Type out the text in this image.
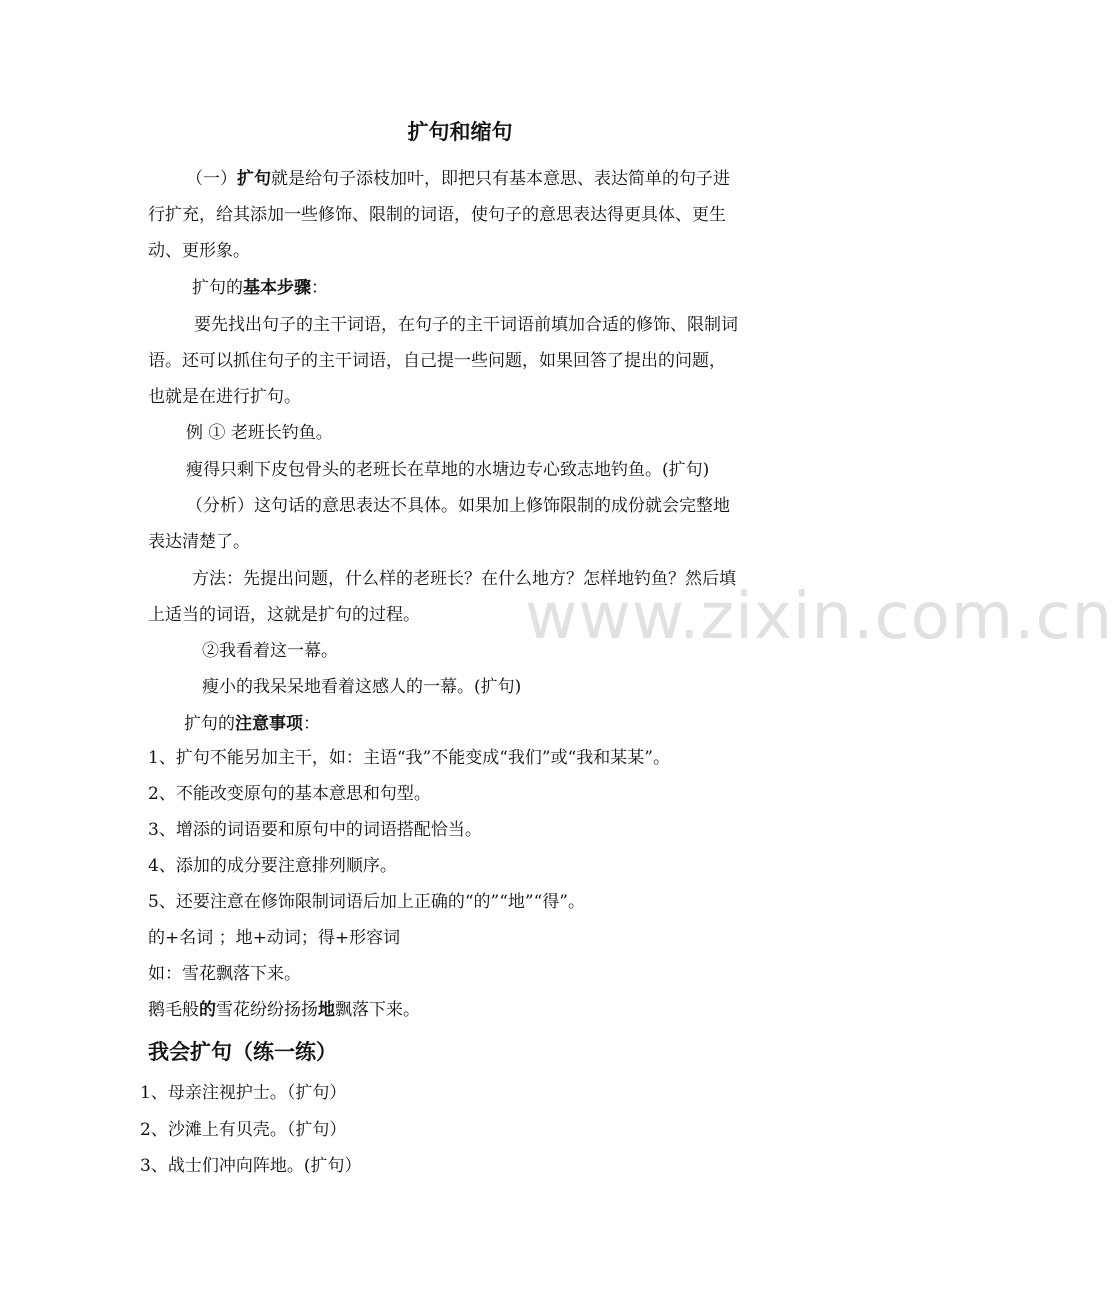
扩句和缩句
（一）扩句就是给句子添枝加叶，即把只有基本意思、表达简单的句子进
行扩充，给其添加一些修饰、限制的词语，使句子的意思表达得更具体、更生
动、更形象。
扩句的基本步骤：
要先找出句子的主干词语，在句子的主干词语前填加合适的修饰、限制词
语。还可以抓住句子的主干词语，自己提一些问题，如果回答了提出的问题，
也就是在进行扩句。
例 ① 老班长钓鱼。
瘦得只剩下皮包骨头的老班长在草地的水塘边专心致志地钓鱼。(扩句)
（分析）这句话的意思表达不具体。如果加上修饰限制的成份就会完整地
表达清楚了。
方法：先提出问题，什么样的老班长？在什么地方？怎样地钓鱼？然后填
上适当的词语，这就是扩句的过程。
②我看着这一幕。
瘦小的我呆呆地看着这感人的一幕。(扩句)
扩句的注意事项：
1、扩句不能另加主干，如：主语“我”不能变成“我们”或“我和某某”。
2、不能改变原句的基本意思和句型。
3、增添的词语要和原句中的词语搭配恰当。
4、添加的成分要注意排列顺序。
5、还要注意在修饰限制词语后加上正确的“的”“地”“得”。
的+名词 ；地+动词；得+形容词
如：雪花飘落下来。
鹅毛般的雪花纷纷扬扬地飘落下来。
我会扩句（练一练）
1、母亲注视护士。（扩句）
2、沙滩上有贝壳。（扩句）
3、战士们冲向阵地。(扩句）
www.zixin.com.cn
